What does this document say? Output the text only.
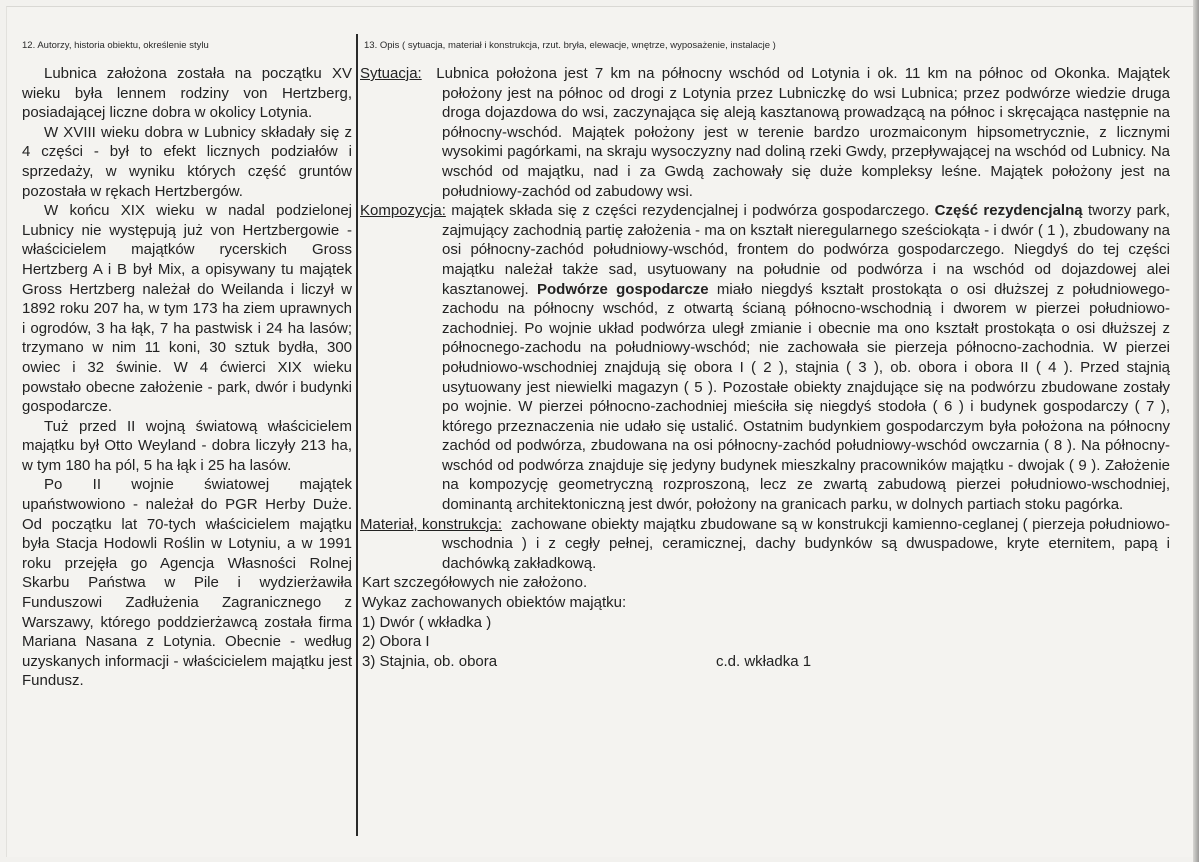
12. Autorzy, historia obiektu, określenie stylu

Lubnica założona została na początku XV wieku była lennem rodziny von Hertzberg, posiadającej liczne dobra w okolicy Lotynia.

W XVIII wieku dobra w Lubnicy składały się z 4 części - był to efekt licznych podziałów i sprzedaży, w wyniku których część gruntów pozostała w rękach Hertzbergów.

W końcu XIX wieku w nadal podzielonej Lubnicy nie występują już von Hertzbergowie - właścicielem majątków rycerskich Gross Hertzberg A i B był Mix, a opisywany tu majątek Gross Hertzberg należał do Weilanda i liczył w 1892 roku 207 ha, w tym 173 ha ziem uprawnych i ogrodów, 3 ha łąk, 7 ha pastwisk i 24 ha lasów; trzymano w nim 11 koni, 30 sztuk bydła, 300 owiec i 32 świnie. W 4 ćwierci XIX wieku powstało obecne założenie - park, dwór i budynki gospodarcze.

Tuż przed II wojną światową właścicielem majątku był Otto Weyland - dobra liczyły 213 ha, w tym 180 ha pól, 5 ha łąk i 25 ha lasów.

Po II wojnie światowej majątek upaństwowiono - należał do PGR Herby Duże. Od początku lat 70-tych właścicielem majątku była Stacja Hodowli Roślin w Lotyniu, a w 1991 roku przejęła go Agencja Własności Rolnej Skarbu Państwa w Pile i wydzierżawiła Funduszowi Zadłużenia Zagranicznego z Warszawy, którego poddzierżawcą została firma Mariana Nasana z Lotynia. Obecnie - według uzyskanych informacji - właścicielem majątku jest Fundusz.

13. Opis ( sytuacja, materiał i konstrukcja, rzut. bryła, elewacje, wnętrze, wyposażenie, instalacje )

Sytuacja: Lubnica położona jest 7 km na północny wschód od Lotynia i ok. 11 km na północ od Okonka. Majątek położony jest na północ od drogi z Lotynia przez Lubniczkę do wsi Lubnica; przez podwórze wiedzie druga droga dojazdowa do wsi, zaczynająca się aleją kasztanową prowadzącą na północ i skręcająca następnie na północny-wschód. Majątek położony jest w terenie bardzo urozmaiconym hipsometrycznie, z licznymi wysokimi pagórkami, na skraju wysoczyzny nad doliną rzeki Gwdy, przepływającej na wschód od Lubnicy. Na wschód od majątku, nad i za Gwdą zachowały się duże kompleksy leśne. Majątek położony jest na południowy-zachód od zabudowy wsi.

Kompozycja: majątek składa się z części rezydencjalnej i podwórza gospodarczego. Część rezydencjalną tworzy park, zajmujący zachodnią partię założenia - ma on kształt nieregularnego sześciokąta - i dwór ( 1 ), zbudowany na osi północny-zachód południowy-wschód, frontem do podwórza gospodarczego. Niegdyś do tej części majątku należał także sad, usytuowany na południe od podwórza i na wschód od dojazdowej alei kasztanowej. Podwórze gospodarcze miało niegdyś kształt prostokąta o osi dłuższej z południowego-zachodu na północny wschód, z otwartą ścianą północno-wschodnią i dworem w pierzei południowo-zachodniej. Po wojnie układ podwórza uległ zmianie i obecnie ma ono kształt prostokąta o osi dłuższej z północnego-zachodu na południowy-wschód; nie zachowała sie pierzeja północno-zachodnia. W pierzei południowo-wschodniej znajdują się obora I ( 2 ), stajnia ( 3 ), ob. obora i obora II ( 4 ). Przed stajnią usytuowany jest niewielki magazyn ( 5 ). Pozostałe obiekty znajdujące się na podwórzu zbudowane zostały po wojnie. W pierzei północno-zachodniej mieściła się niegdyś stodoła ( 6 ) i budynek gospodarczy ( 7 ), którego przeznaczenia nie udało się ustalić. Ostatnim budynkiem gospodarczym była położona na północny zachód od podwórza, zbudowana na osi północny-zachód południowy-wschód owczarnia ( 8 ). Na północny-wschód od podwórza znajduje się jedyny budynek mieszkalny pracowników majątku - dwojak ( 9 ). Założenie na kompozycję geometryczną rozproszoną, lecz ze zwartą zabudową pierzei południowo-wschodniej, dominantą architektoniczną jest dwór, położony na granicach parku, w dolnych partiach stoku pagórka.

Materiał, konstrukcja: zachowane obiekty majątku zbudowane są w konstrukcji kamienno-ceglanej ( pierzeja południowo-wschodnia ) i z cegły pełnej, ceramicznej, dachy budynków są dwuspadowe, kryte eternitem, papą i dachówką zakładkową.

Kart szczegółowych nie założono.

Wykaz zachowanych obiektów majątku:

1) Dwór ( wkładka )

2) Obora I

3) Stajnia, ob. obora	c.d. wkładka 1
